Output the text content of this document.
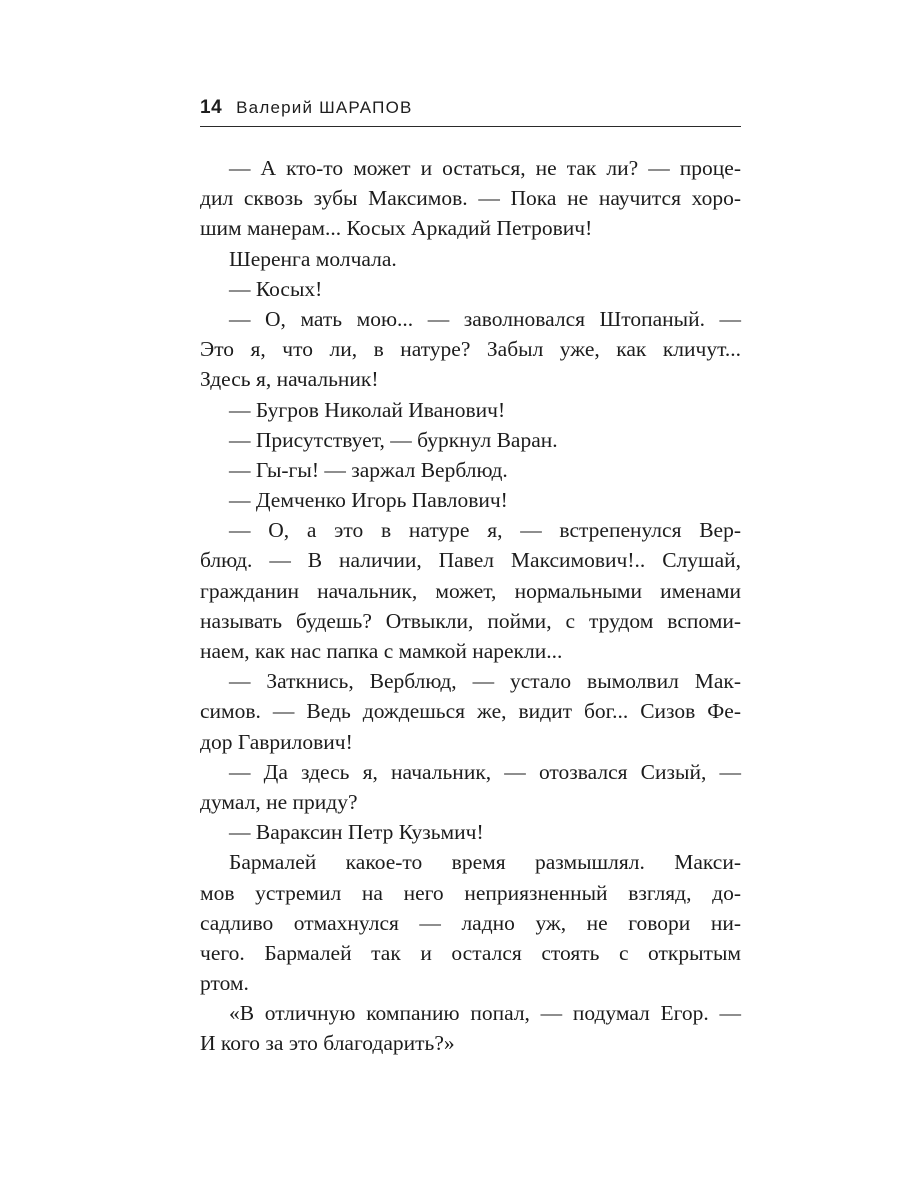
14 Валерий ШАРАПОВ
— А кто-то может и остаться, не так ли? — проце-
дил сквозь зубы Максимов. — Пока не научится хоро-
шим манерам... Косых Аркадий Петрович!
Шеренга молчала.
— Косых!
— О, мать мою... — заволновался Штопаный. —
Это я, что ли, в натуре? Забыл уже, как кличут...
Здесь я, начальник!
— Бугров Николай Иванович!
— Присутствует, — буркнул Варан.
— Гы-гы! — заржал Верблюд.
— Демченко Игорь Павлович!
— О, а это в натуре я, — встрепенулся Вер-
блюд. — В наличии, Павел Максимович!.. Слушай,
гражданин начальник, может, нормальными именами
называть будешь? Отвыкли, пойми, с трудом вспоми-
наем, как нас папка с мамкой нарекли...
— Заткнись, Верблюд, — устало вымолвил Мак-
симов. — Ведь дождешься же, видит бог... Сизов Фе-
дор Гаврилович!
— Да здесь я, начальник, — отозвался Сизый, —
думал, не приду?
— Вараксин Петр Кузьмич!
Бармалей какое-то время размышлял. Макси-
мов устремил на него неприязненный взгляд, до-
садливо отмахнулся — ладно уж, не говори ни-
чего. Бармалей так и остался стоять с открытым
ртом.
«В отличную компанию попал, — подумал Егор. —
И кого за это благодарить?»
